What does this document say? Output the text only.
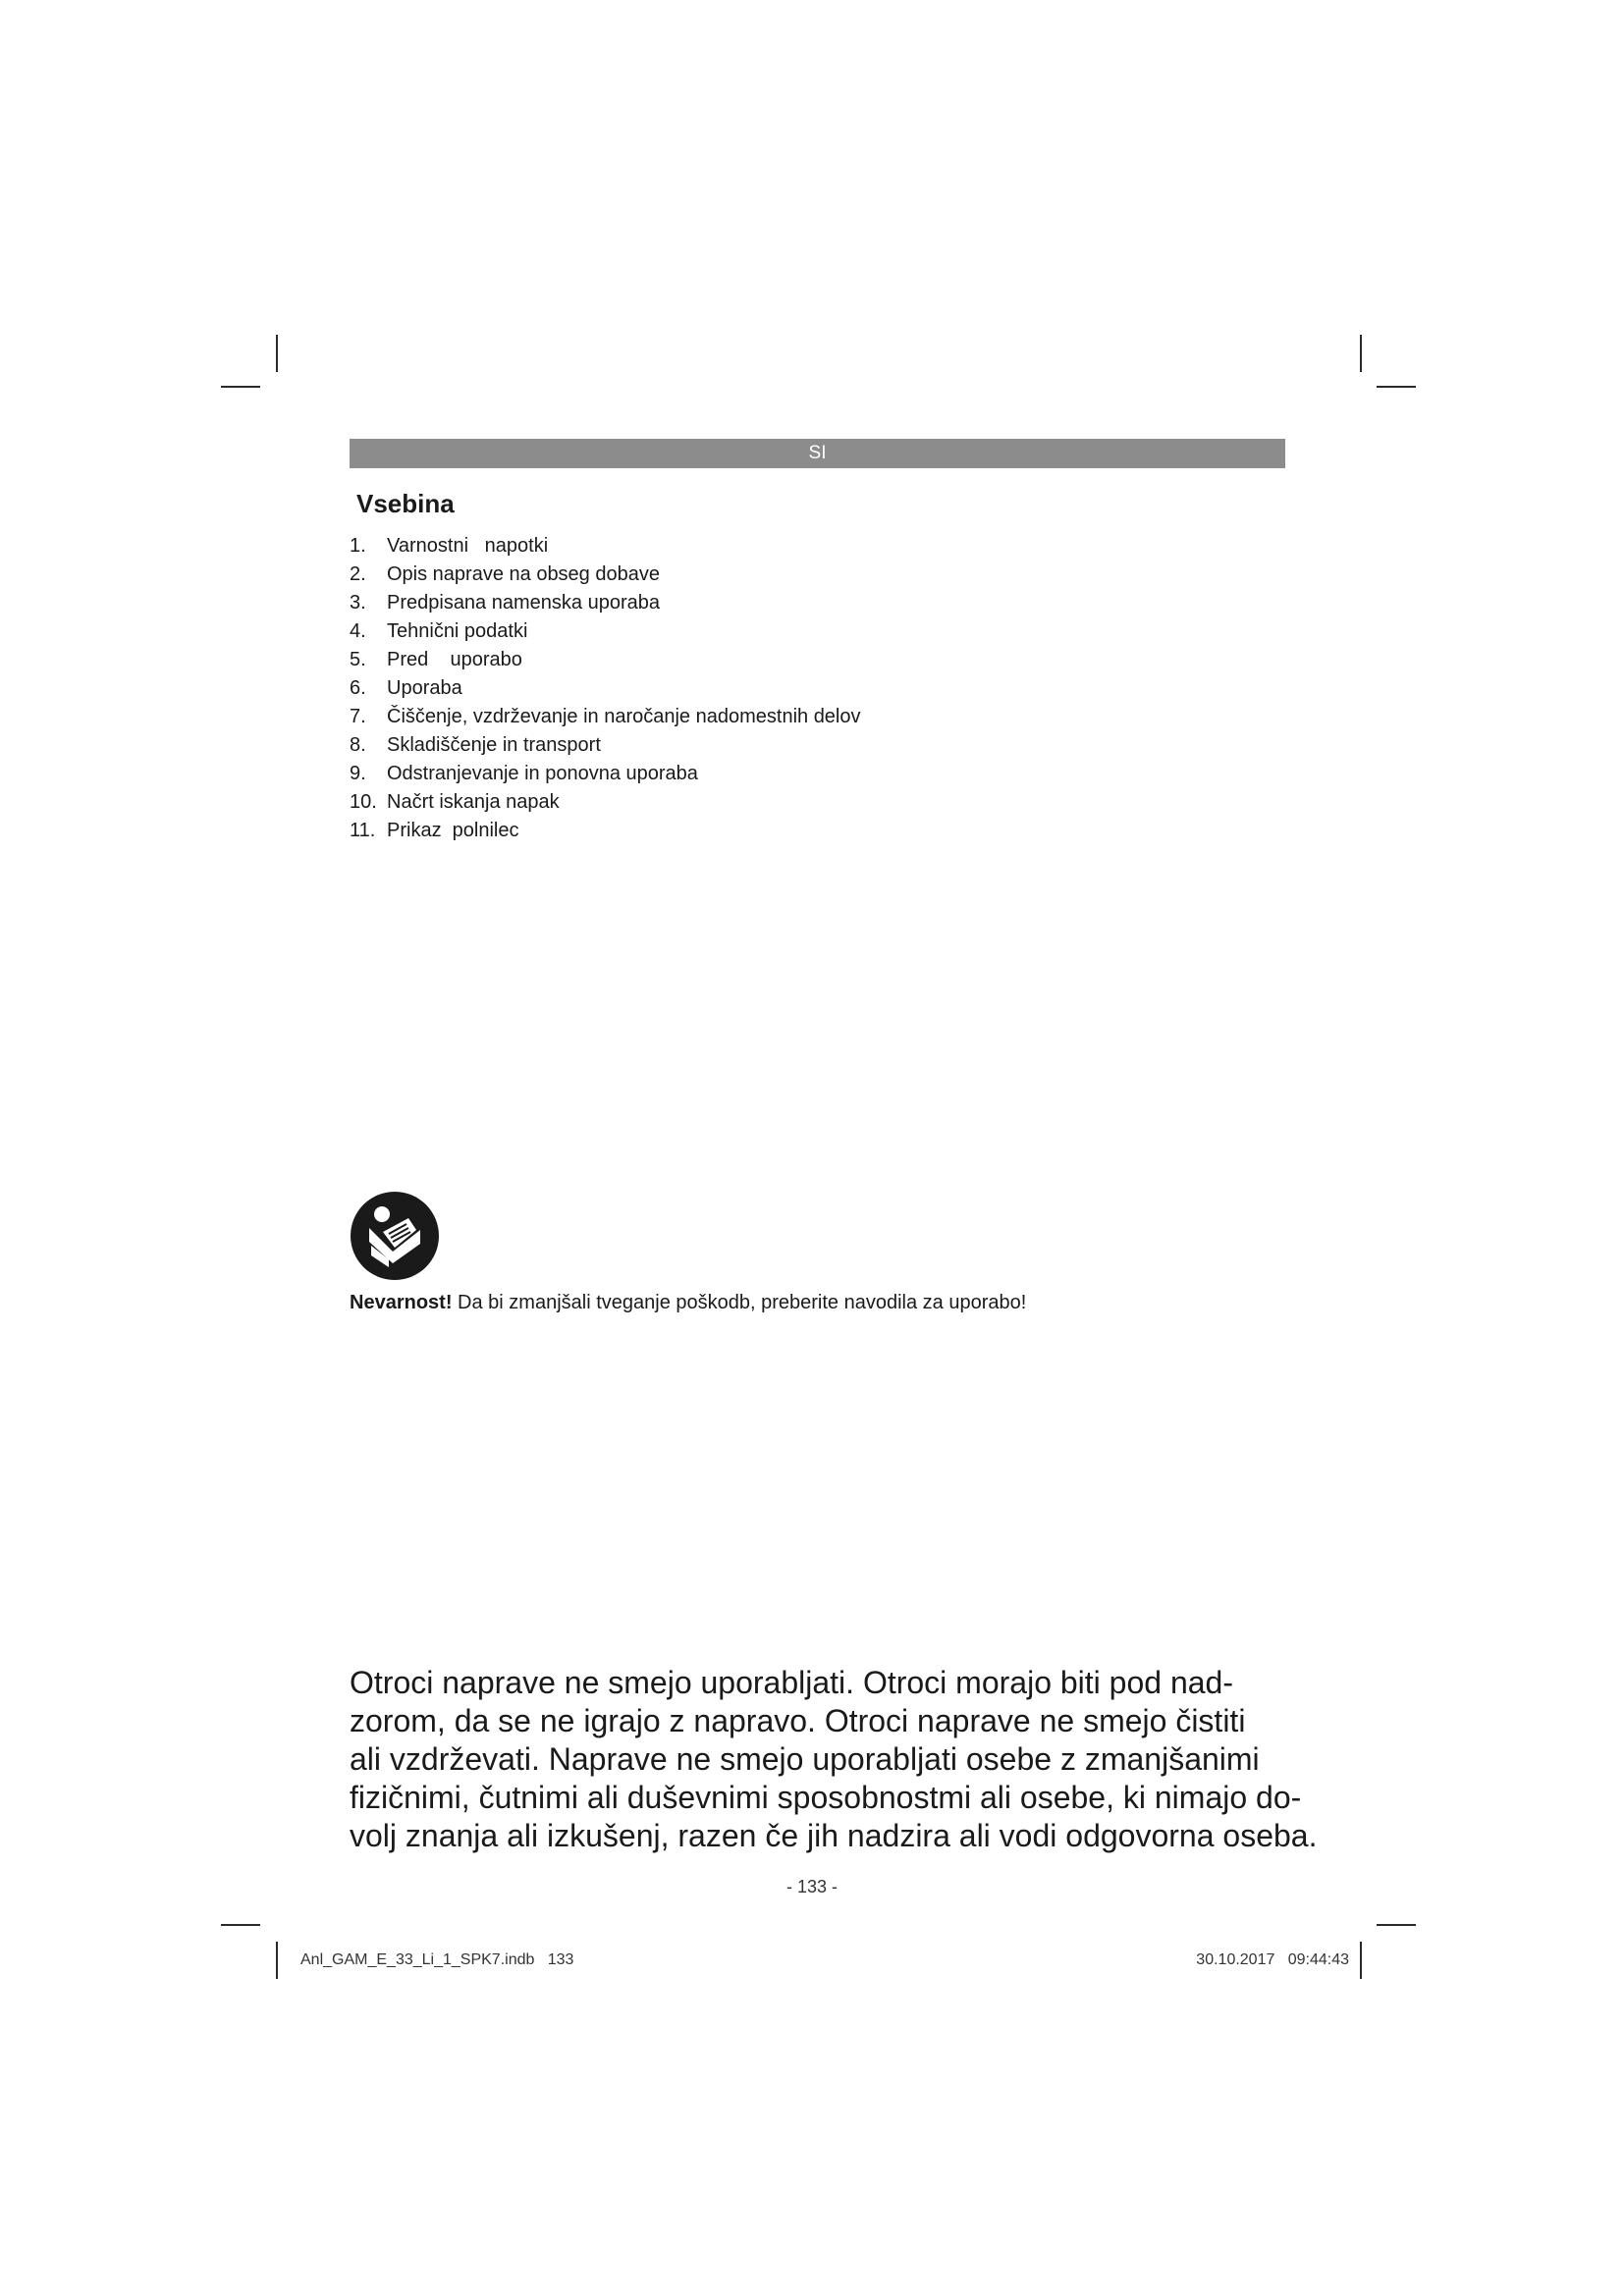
SI
Vsebina
1. Varnostni   napotki
2. Opis naprave na obseg dobave
3. Predpisana namenska uporaba
4. Tehnični podatki
5. Pred    uporabo
6. Uporaba
7. Čiščenje, vzdrževanje in naročanje nadomestnih delov
8. Skladiščenje in transport
9. Odstranjevanje in ponovna uporaba
10. Načrt iskanja napak
11. Prikaz  polnilec

Nevarnost! Da bi zmanjšali tveganje poškodb, preberite navodila za uporabo!

Otroci naprave ne smejo uporabljati. Otroci morajo biti pod nad-
zorom, da se ne igrajo z napravo. Otroci naprave ne smejo čistiti
ali vzdrževati. Naprave ne smejo uporabljati osebe z zmanjšanimi
fizičnimi, čutnimi ali duševnimi sposobnostmi ali osebe, ki nimajo do-
volj znanja ali izkušenj, razen če jih nadzira ali vodi odgovorna oseba.

- 133 -
Anl_GAM_E_33_Li_1_SPK7.indb   133	30.10.2017   09:44:43
